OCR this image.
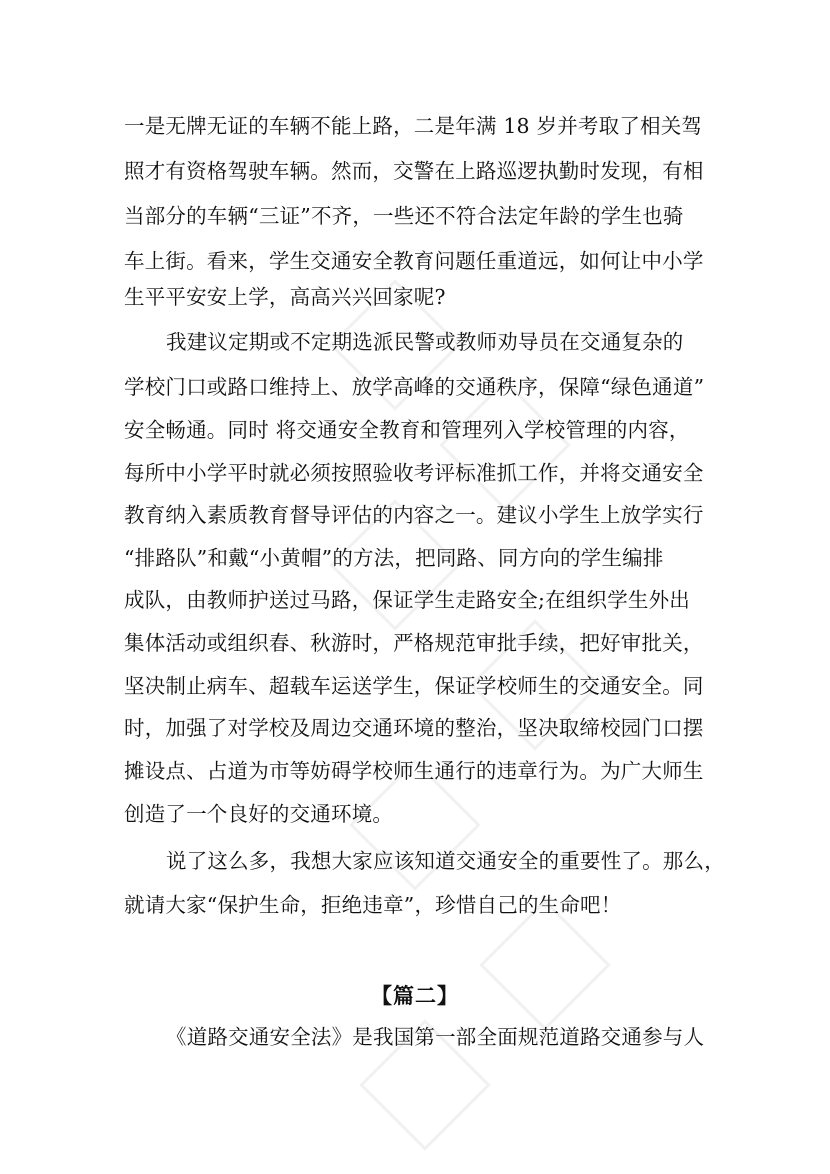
一是无牌无证的车辆不能上路，二是年满 18 岁并考取了相关驾
照才有资格驾驶车辆。然而，交警在上路巡逻执勤时发现，有相
当部分的车辆“三证”不齐，一些还不符合法定年龄的学生也骑
车上街。看来，学生交通安全教育问题任重道远，如何让中小学
生平平安安上学，高高兴兴回家呢?
我建议定期或不定期选派民警或教师劝导员在交通复杂的
学校门口或路口维持上、放学高峰的交通秩序，保障“绿色通道”
安全畅通。同时 将交通安全教育和管理列入学校管理的内容，
每所中小学平时就必须按照验收考评标准抓工作，并将交通安全
教育纳入素质教育督导评估的内容之一。建议小学生上放学实行
“排路队”和戴“小黄帽”的方法，把同路、同方向的学生编排
成队，由教师护送过马路，保证学生走路安全;在组织学生外出
集体活动或组织春、秋游时，严格规范审批手续，把好审批关，
坚决制止病车、超载车运送学生，保证学校师生的交通安全。同
时，加强了对学校及周边交通环境的整治，坚决取缔校园门口摆
摊设点、占道为市等妨碍学校师生通行的违章行为。为广大师生
创造了一个良好的交通环境。
说了这么多，我想大家应该知道交通安全的重要性了。那么，
就请大家“保护生命，拒绝违章”，珍惜自己的生命吧！
【篇二】
《道路交通安全法》是我国第一部全面规范道路交通参与人
